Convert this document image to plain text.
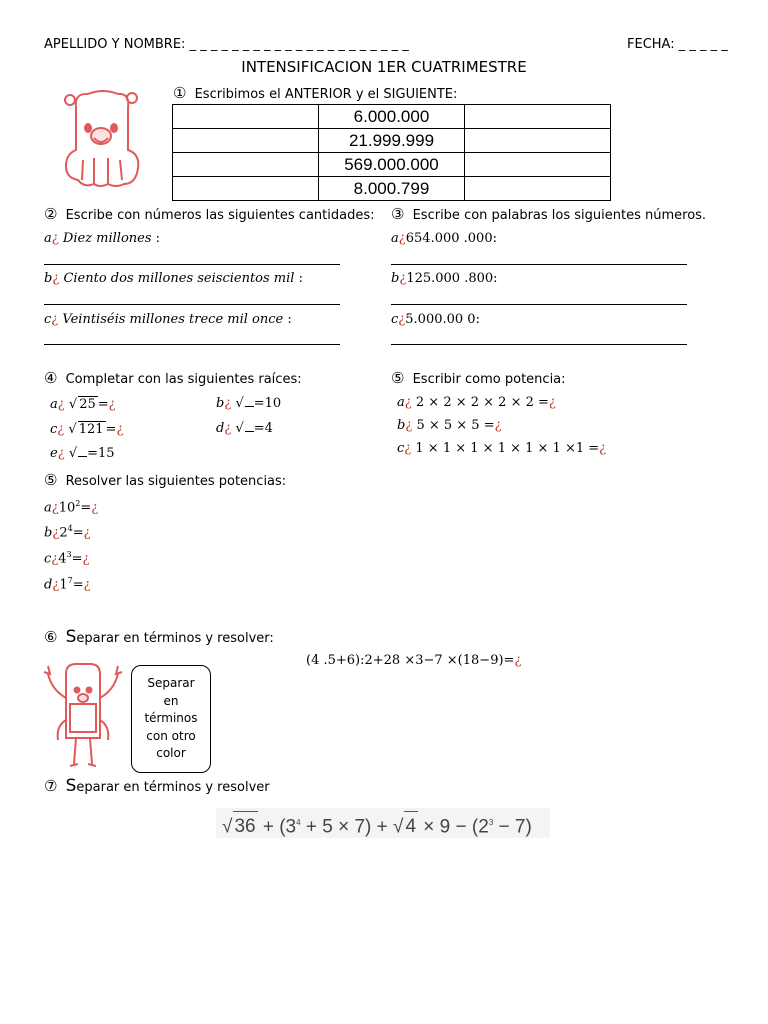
APELLIDO Y NOMBRE: _ _ _ _ _ _ _ _ _ _ _ _ _ _ _ _ _ _ _ _ _	FECHA: _ _ _ _ _
INTENSIFICACION 1ER CUATRIMESTRE
① Escribimos el ANTERIOR y el SIGUIENTE:
	6.000.000	
	21.999.999	
	569.000.000	
	8.000.799	
② Escribe con números las siguientes cantidades:
a¿ Diez millones :
b¿ Ciento dos millones seiscientos mil :
c¿ Veintiséis millones trece mil once :
③ Escribe con palabras los siguientes números.
a¿654.000 .000:
b¿125.000 .800:
c¿5.000.00 0:
④ Completar con las siguientes raíces:
a¿ √ 25 =¿	b¿ √ =10
c¿ √ 121 =¿	d¿ √ =4
e¿ √ =15
⑤ Escribir como potencia:
a¿ 2 × 2 × 2 × 2 × 2 =¿
b¿ 5 × 5 × 5 =¿
c¿ 1 × 1 × 1 × 1 × 1 × 1 ×1 =¿
⑤ Resolver las siguientes potencias:
$a¿10^2=¿$
$b¿2^4=¿$
$c¿4^3=¿$
$d¿1^7=¿$
⑥ Separar en términos y resolver:
(4 .5+6):2+28 ×3−7 ×(18−9)=¿
Separar
en
términos
con otro
color
⑦ Separar en términos y resolver
√ $36 + (3^4 + 5 \times 7)$ + √ $4 \times 9 - (2^3 - 7)$
